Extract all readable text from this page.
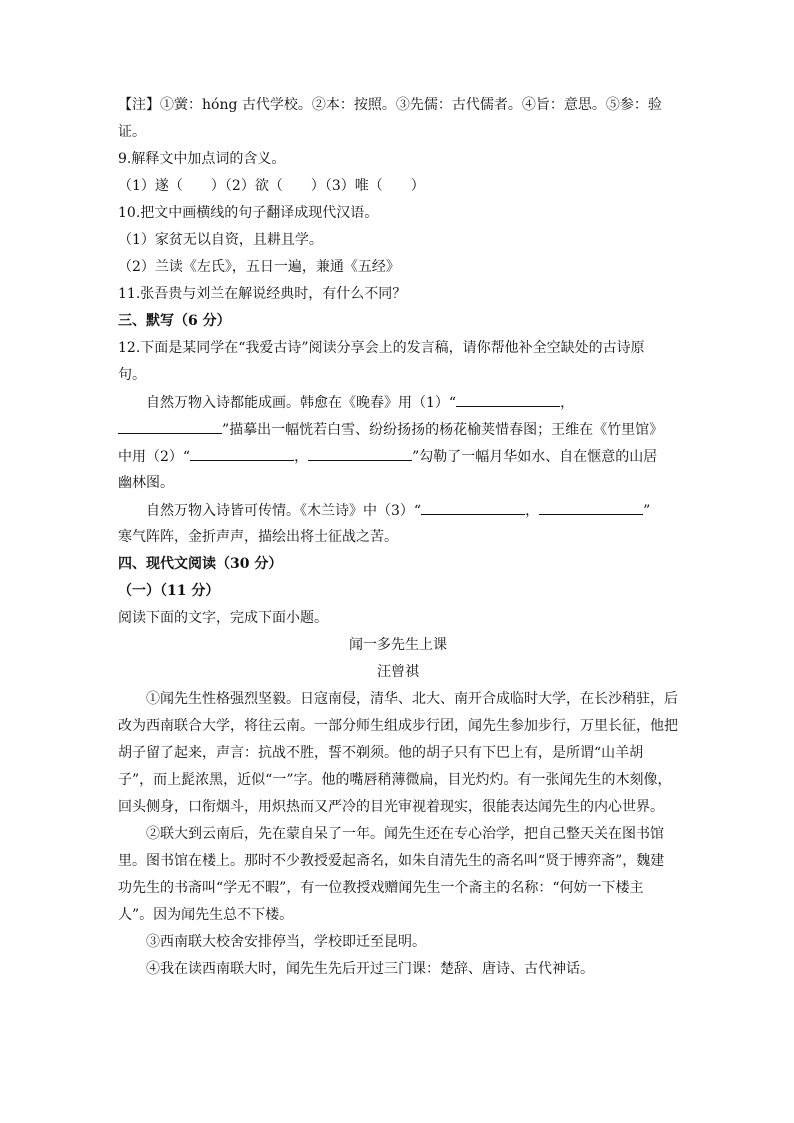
【注】①黉：hóng 古代学校。②本：按照。③先儒：古代儒者。④旨：意思。⑤参：验
证。
9.解释文中加点词的含义。
（1）遂（　　）（2）欲（　　）（3）唯（　　）
10.把文中画横线的句子翻译成现代汉语。
（1）家贫无以自资，且耕且学。
（2）兰读《左氏》，五日一遍，兼通《五经》
11.张吾贵与刘兰在解说经典时，有什么不同？
三、默写（6 分）
12.下面是某同学在“我爱古诗”阅读分享会上的发言稿，请你帮他补全空缺处的古诗原
句。
自然万物入诗都能成画。韩愈在《晚春》用（1）“	，
”描摹出一幅恍若白雪、纷纷扬扬的杨花榆荚惜春图；王维在《竹里馆》
中用（2）“	，	”勾勒了一幅月华如水、自在惬意的山居
幽林图。
自然万物入诗皆可传情。《木兰诗》中（3）“	，	”
寒气阵阵，金折声声，描绘出将士征战之苦。
四、现代文阅读（30 分）
（一）（11 分）
阅读下面的文字，完成下面小题。
闻一多先生上课
汪曾祺
①闻先生性格强烈坚毅。日寇南侵，清华、北大、南开合成临时大学，在长沙稍驻，后改为西南联合大学，将往云南。一部分师生组成步行团，闻先生参加步行，万里长征，他把胡子留了起来，声言：抗战不胜，誓不剃须。他的胡子只有下巴上有，是所谓“山羊胡子”，而上髭浓黑，近似“一”字。他的嘴唇稍薄微扁，目光灼灼。有一张闻先生的木刻像，回头侧身，口衔烟斗，用炽热而又严冷的目光审视着现实，很能表达闻先生的内心世界。
②联大到云南后，先在蒙自呆了一年。闻先生还在专心治学，把自己整天关在图书馆里。图书馆在楼上。那时不少教授爱起斋名，如朱自清先生的斋名叫“贤于博弈斋”，魏建功先生的书斋叫“学无不暇”，有一位教授戏赠闻先生一个斋主的名称：“何妨一下楼主人”。因为闻先生总不下楼。
③西南联大校舍安排停当，学校即迁至昆明。
④我在读西南联大时，闻先生先后开过三门课：楚辞、唐诗、古代神话。
